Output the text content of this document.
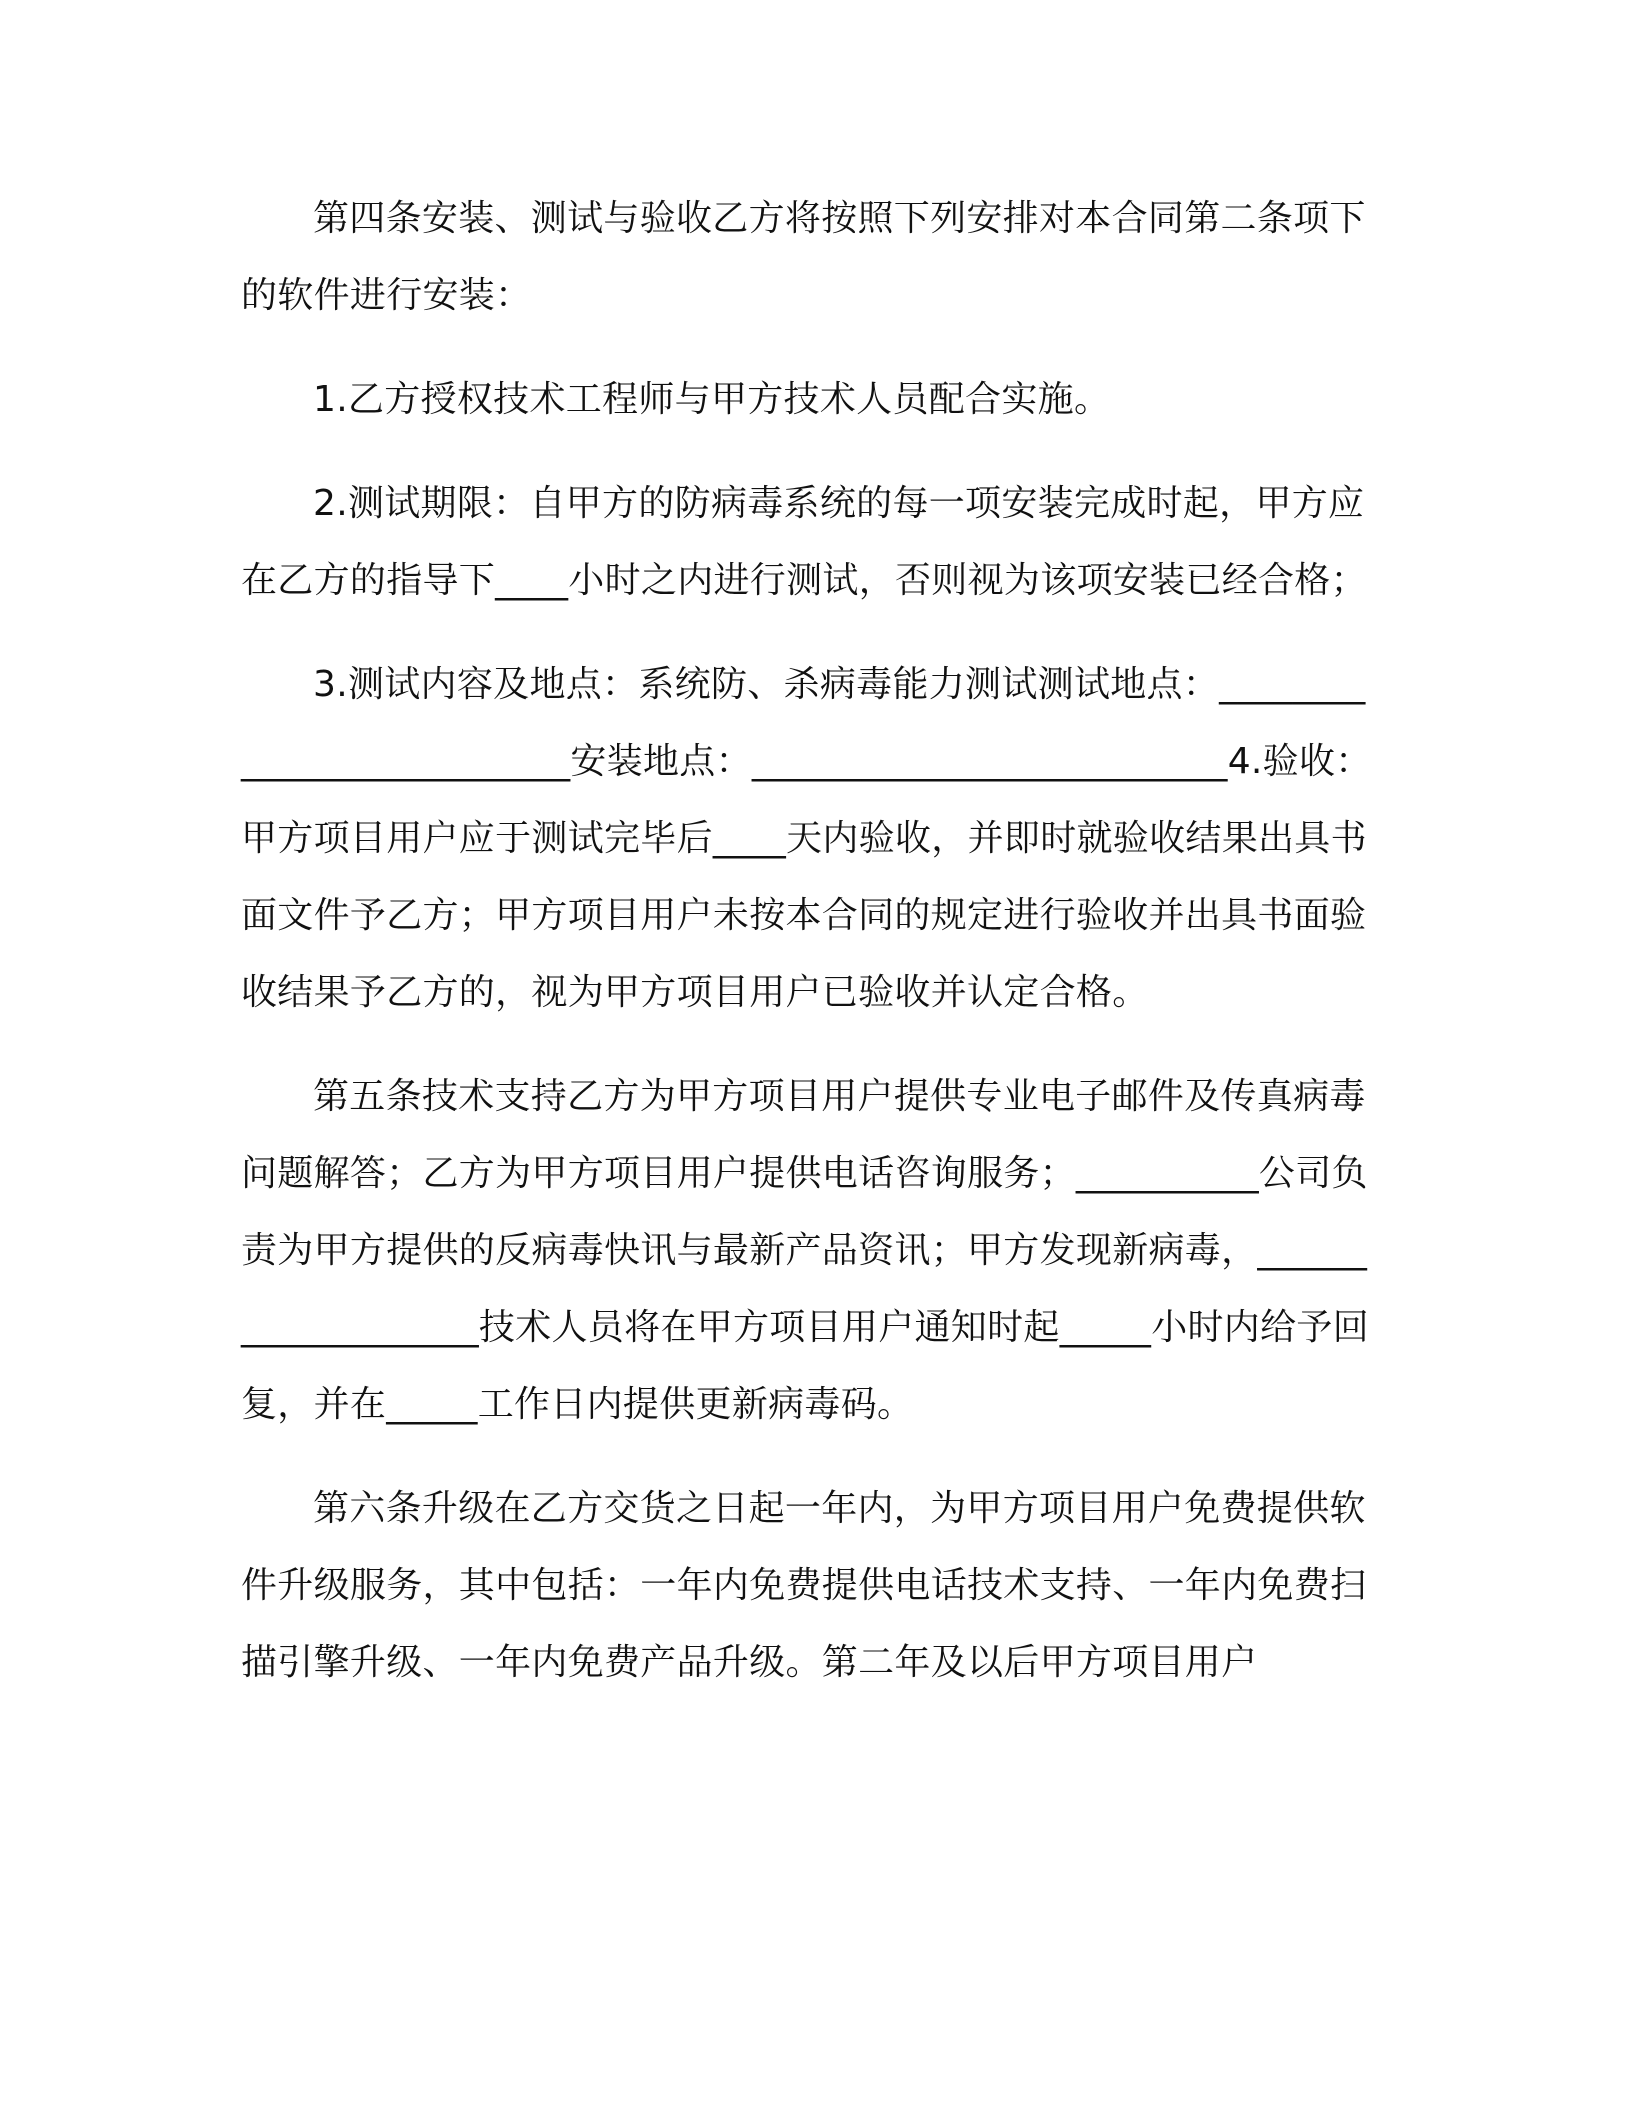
第四条安装、测试与验收乙方将按照下列安排对本合同第二条项下的软件进行安装：

1.乙方授权技术工程师与甲方技术人员配合实施。

2.测试期限：自甲方的防病毒系统的每一项安装完成时起，甲方应在乙方的指导下____小时之内进行测试，否则视为该项安装已经合格；

3.测试内容及地点：系统防、杀病毒能力测试测试地点：__________________________安装地点：__________________________4.验收：甲方项目用户应于测试完毕后____天内验收，并即时就验收结果出具书面文件予乙方；甲方项目用户未按本合同的规定进行验收并出具书面验收结果予乙方的，视为甲方项目用户已验收并认定合格。

第五条技术支持乙方为甲方项目用户提供专业电子邮件及传真病毒问题解答；乙方为甲方项目用户提供电话咨询服务；__________公司负责为甲方提供的反病毒快讯与最新产品资讯；甲方发现新病毒，___________________技术人员将在甲方项目用户通知时起_____小时内给予回复，并在_____工作日内提供更新病毒码。

第六条升级在乙方交货之日起一年内，为甲方项目用户免费提供软件升级服务，其中包括：一年内免费提供电话技术支持、一年内免费扫描引擎升级、一年内免费产品升级。第二年及以后甲方项目用户
